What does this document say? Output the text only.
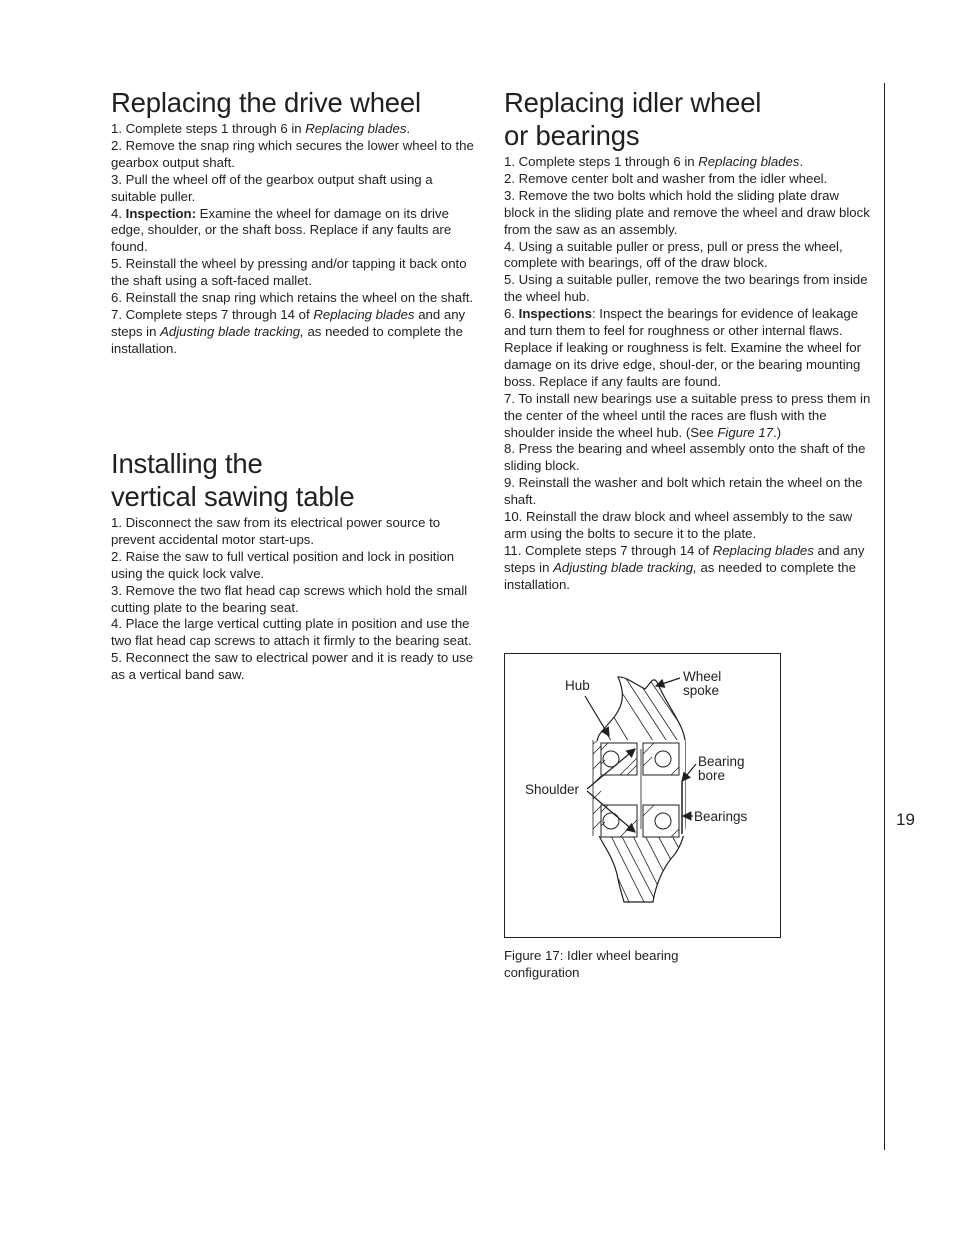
Replacing the drive wheel

1. Complete steps 1 through 6 in Replacing blades.

2. Remove the snap ring which secures the lower wheel to the gearbox output shaft.

3. Pull the wheel off of the gearbox output shaft using a suitable puller.

4. Inspection: Examine the wheel for damage on its drive edge, shoulder, or the shaft boss. Replace if any faults are found.

5. Reinstall the wheel by pressing and/or tapping it back onto the shaft using a soft-faced mallet.

6. Reinstall the snap ring which retains the wheel on the shaft.

7. Complete steps 7 through 14 of Replacing blades and any steps in Adjusting blade tracking, as needed to complete the installation.

Installing the
vertical sawing table

1. Disconnect the saw from its electrical power source to prevent accidental motor start-ups.

2. Raise the saw to full vertical position and lock in position using the quick lock valve.

3. Remove the two flat head cap screws which hold the small cutting plate to the bearing seat.

4. Place the large vertical cutting plate in position and use the two flat head cap screws to attach it firmly to the bearing seat.

5. Reconnect the saw to electrical power and it is ready to use as a vertical band saw.

Replacing idler wheel
or bearings

1. Complete steps 1 through 6 in Replacing blades.

2. Remove center bolt and washer from the idler wheel.

3. Remove the two bolts which hold the sliding plate draw block in the sliding plate and remove the wheel and draw block from the saw as an assembly.

4. Using a suitable puller or press, pull or press the wheel, complete with bearings, off of the draw block.

5. Using a suitable puller, remove the two bearings from inside the wheel hub.

6. Inspections: Inspect the bearings for evidence of leakage and turn them to feel for roughness or other internal flaws. Replace if leaking or roughness is felt. Examine the wheel for damage on its drive edge, shoul-der, or the bearing mounting boss. Replace if any faults are found.

7. To install new bearings use a suitable press to press them in the center of the wheel until the races are flush with the shoulder inside the wheel hub. (See Figure 17.)

8. Press the bearing and wheel assembly onto the shaft of the sliding block.

9. Reinstall the washer and bolt which retain the wheel on the shaft.

10. Reinstall the draw block and wheel assembly to the saw arm using the bolts to secure it to the plate.

11. Complete steps 7 through 14 of Replacing blades and any steps in Adjusting blade tracking, as needed to complete the installation.

Hub
Wheel
spoke
Bearing
bore
Shoulder
Bearings
Figure 17: Idler wheel bearing
configuration
19
